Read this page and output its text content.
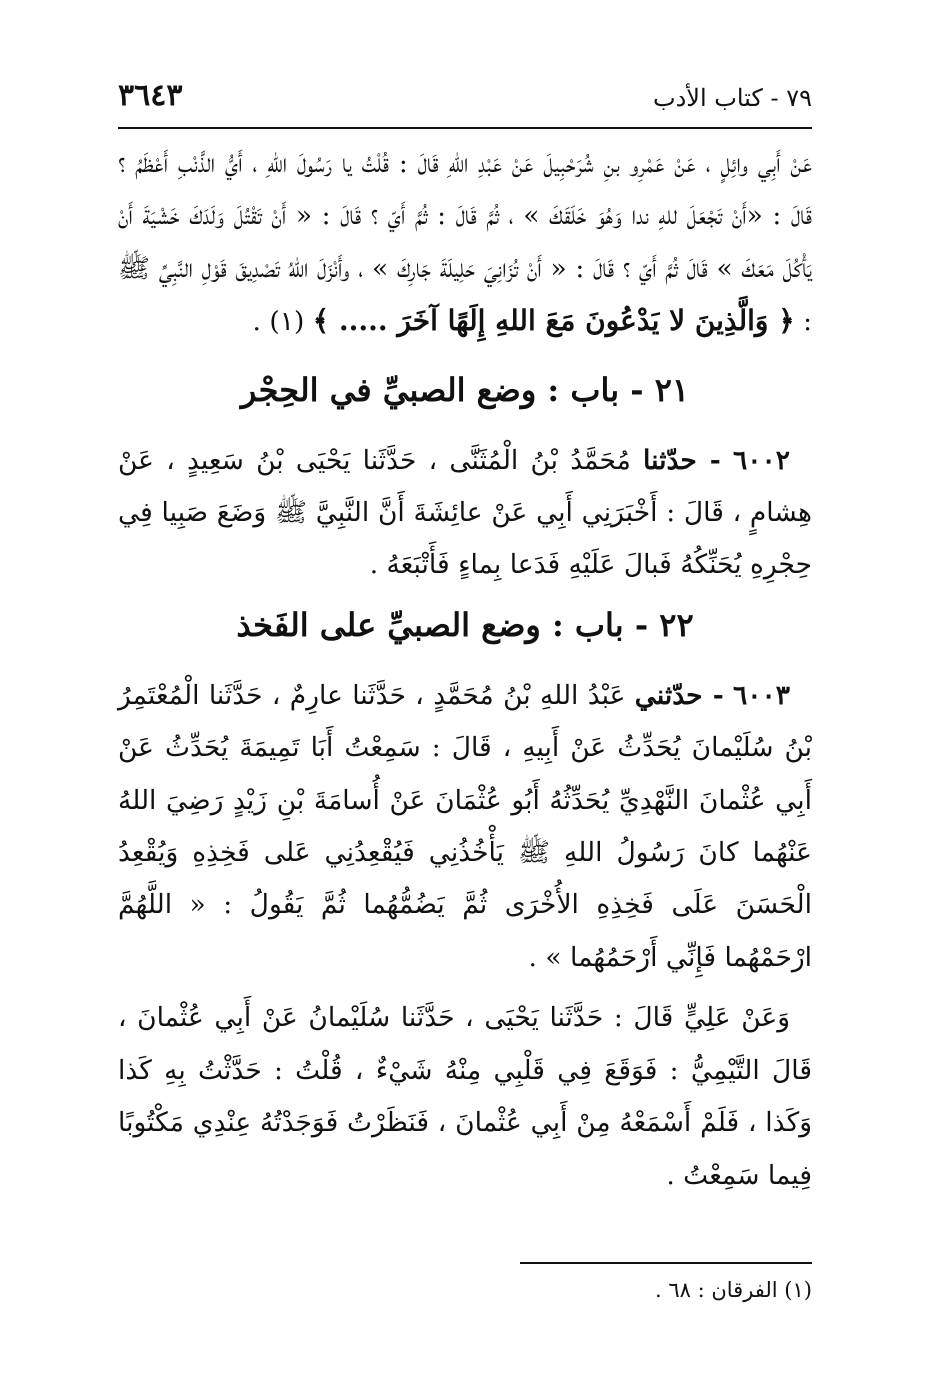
٧٩ - كتاب الأدب
٣٦٤٣

عَنْ أَبِي وائِلٍ ، عَنْ عَمْرِو بنِ شُرَحْبِيلَ عَنْ عَبْدِ اللهِ قَالَ : قُلْتُ يا رَسُولَ اللهِ ، أَيُّ الذَّنْبِ أَعْظَمُ ؟ قَالَ : «أَنْ تَجْعَلَ للهِ ندا وَهُوَ خَلَقَكَ » ، ثُمَّ قَالَ : ثُمَّ أَيّ ؟ قَالَ : « أَنْ تَقْتُلَ وَلَدَكَ خَشْيَةَ أَنْ يَأْكُلَ مَعَكَ » قَالَ ثُمَّ أَيّ ؟ قَالَ : « أَنْ تُزَانِيَ حَلِيلَةَ جَارِكَ » ، وأَنْزَلَ اللهُ تَصْدِيقَ قَوْلِ النَّبِيِّ ﷺ : ﴿ وَالَّذِينَ لا يَدْعُونَ مَعَ اللهِ إِلَهًا آخَرَ ..... ﴾ (١) .

٢١ - باب : وضع الصبيِّ في الحِجْر

٦٠٠٢ - حدّثنا مُحَمَّدُ بْنُ الْمُثَنَّى ، حَدَّثَنا يَحْيَى بْنُ سَعِيدٍ ، عَنْ هِشامٍ ، قَالَ : أَخْبَرَنِي أَبِي عَنْ عائِشَةَ أَنَّ النَّبِيَّ ﷺ وَضَعَ صَبِيا فِي حِجْرِهِ يُحَنِّكُهُ فَبالَ عَلَيْهِ فَدَعا بِماءٍ فَأَتْبَعَهُ .

٢٢ - باب : وضع الصبيِّ على الفَخذ

٦٠٠٣ - حدّثني عَبْدُ اللهِ بْنُ مُحَمَّدٍ ، حَدَّثَنا عارِمٌ ، حَدَّثَنا الْمُعْتَمِرُ بْنُ سُلَيْمانَ يُحَدِّثُ عَنْ أَبِيهِ ، قَالَ : سَمِعْتُ أَبَا تَمِيمَةَ يُحَدِّثُ عَنْ أَبِي عُثْمانَ النَّهْدِيِّ يُحَدِّثُهُ أَبُو عُثْمَانَ عَنْ أُسامَةَ بْنِ زَيْدٍ رَضِيَ اللهُ عَنْهُما كانَ رَسُولُ اللهِ ﷺ يَأْخُذُنِي فَيُقْعِدُنِي عَلى فَخِذِهِ وَيُقْعِدُ الْحَسَنَ عَلَى فَخِذِهِ الأُخْرَى ثُمَّ يَضُمُّهُما ثُمَّ يَقُولُ : « اللَّهُمَّ ارْحَمْهُما فَإِنِّي أَرْحَمُهُما » .

وَعَنْ عَلِيٍّ قَالَ : حَدَّثَنا يَحْيَى ، حَدَّثَنا سُلَيْمانُ عَنْ أَبِي عُثْمانَ ، قَالَ التَّيْمِيُّ : فَوَقَعَ فِي قَلْبِي مِنْهُ شَيْءٌ ، قُلْتُ : حَدَّثْتُ بِهِ كَذا وَكَذا ، فَلَمْ أَسْمَعْهُ مِنْ أَبِي عُثْمانَ ، فَنَظَرْتُ فَوَجَدْتُهُ عِنْدِي مَكْتُوبًا فِيما سَمِعْتُ .

(١) الفرقان : ٦٨ .
